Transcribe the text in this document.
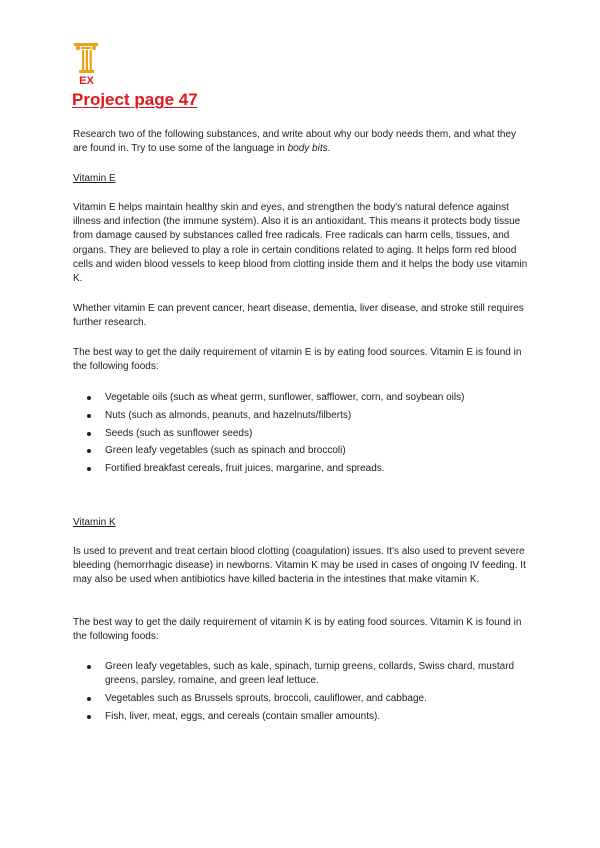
EX
Project page 47

Research two of the following substances, and write about why our body needs them, and what they are found in. Try to use some of the language in body bits.

Vitamin E

Vitamin E helps maintain healthy skin and eyes, and strengthen the body's natural defence against illness and infection (the immune system). Also it is an antioxidant. This means it protects body tissue from damage caused by substances called free radicals. Free radicals can harm cells, tissues, and organs. They are believed to play a role in certain conditions related to aging. It helps form red blood cells and widen blood vessels to keep blood from clotting inside them and it helps the body use vitamin K.

Whether vitamin E can prevent cancer, heart disease, dementia, liver disease, and stroke still requires further research.

The best way to get the daily requirement of vitamin E is by eating food sources. Vitamin E is found in the following foods:

Vegetable oils (such as wheat germ, sunflower, safflower, corn, and soybean oils)
Nuts (such as almonds, peanuts, and hazelnuts/filberts)
Seeds (such as sunflower seeds)
Green leafy vegetables (such as spinach and broccoli)
Fortified breakfast cereals, fruit juices, margarine, and spreads.

Vitamin K

Is used to prevent and treat certain blood clotting (coagulation) issues. It's also used to prevent severe bleeding (hemorrhagic disease) in newborns. Vitamin K may be used in cases of ongoing IV feeding. It may also be used when antibiotics have killed bacteria in the intestines that make vitamin K.

The best way to get the daily requirement of vitamin K is by eating food sources. Vitamin K is found in the following foods:

Green leafy vegetables, such as kale, spinach, turnip greens, collards, Swiss chard, mustard greens, parsley, romaine, and green leaf lettuce.
Vegetables such as Brussels sprouts, broccoli, cauliflower, and cabbage.
Fish, liver, meat, eggs, and cereals (contain smaller amounts).
